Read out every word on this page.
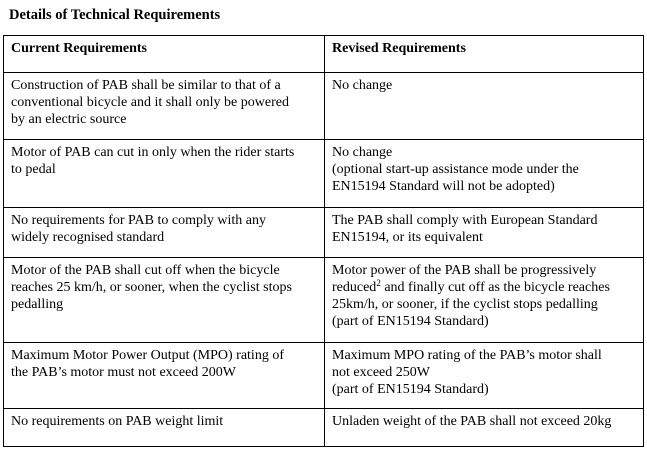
Details of Technical Requirements
Current Requirements	Revised Requirements

Construction of PAB shall be similar to that of a
conventional bicycle and it shall only be powered
by an electric source	No change

Motor of PAB can cut in only when the rider starts
to pedal	No change
(optional start-up assistance mode under the
EN15194 Standard will not be adopted)

No requirements for PAB to comply with any
widely recognised standard	The PAB shall comply with European Standard
EN15194, or its equivalent

Motor of the PAB shall cut off when the bicycle
reaches 25 km/h, or sooner, when the cyclist stops
pedalling	Motor power of the PAB shall be progressively
reduced$^2$ and finally cut off as the bicycle reaches
25km/h, or sooner, if the cyclist stops pedalling
(part of EN15194 Standard)

Maximum Motor Power Output (MPO) rating of
the PAB’s motor must not exceed 200W	Maximum MPO rating of the PAB’s motor shall
not exceed 250W
(part of EN15194 Standard)

No requirements on PAB weight limit	Unladen weight of the PAB shall not exceed 20kg
